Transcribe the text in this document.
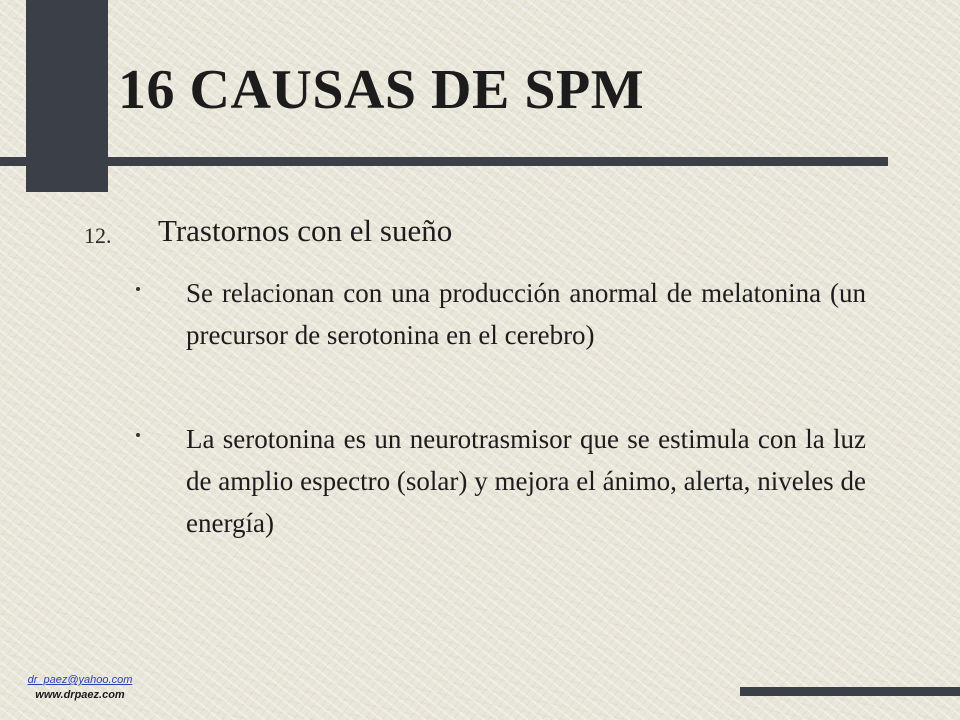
16 CAUSAS DE SPM
12. Trastornos con el sueño

Se relacionan con una producción anormal de melatonina (un precursor de serotonina en el cerebro)

La serotonina es un neurotrasmisor que se estimula con la luz de amplio espectro (solar) y mejora el ánimo, alerta, niveles de energía)

dr_paez@yahoo.com
www.drpaez.com
